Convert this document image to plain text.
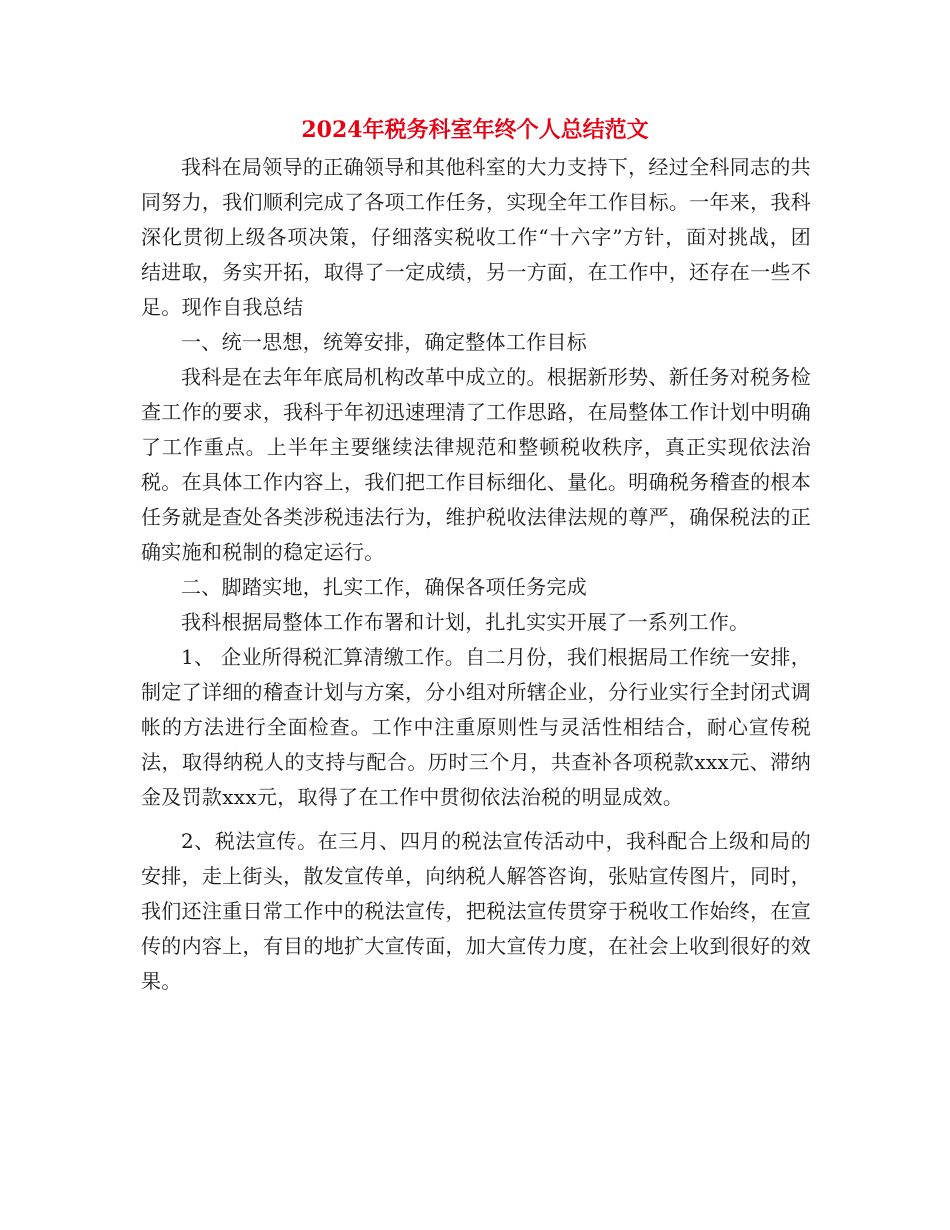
2024年税务科室年终个人总结范文

我科在局领导的正确领导和其他科室的大力支持下，经过全科同志的共同努力，我们顺利完成了各项工作任务，实现全年工作目标。一年来，我科深化贯彻上级各项决策，仔细落实税收工作“十六字”方针，面对挑战，团结进取，务实开拓，取得了一定成绩，另一方面，在工作中，还存在一些不足。现作自我总结

一、统一思想，统筹安排，确定整体工作目标

我科是在去年年底局机构改革中成立的。根据新形势、新任务对税务检查工作的要求，我科于年初迅速理清了工作思路，在局整体工作计划中明确了工作重点。上半年主要继续法律规范和整顿税收秩序，真正实现依法治税。在具体工作内容上，我们把工作目标细化、量化。明确税务稽查的根本任务就是查处各类涉税违法行为，维护税收法律法规的尊严，确保税法的正确实施和税制的稳定运行。

二、脚踏实地，扎实工作，确保各项任务完成

我科根据局整体工作布署和计划，扎扎实实开展了一系列工作。

1、 企业所得税汇算清缴工作。自二月份，我们根据局工作统一安排，制定了详细的稽查计划与方案，分小组对所辖企业，分行业实行全封闭式调帐的方法进行全面检查。工作中注重原则性与灵活性相结合，耐心宣传税法，取得纳税人的支持与配合。历时三个月，共查补各项税款xxx元、滞纳金及罚款xxx元，取得了在工作中贯彻依法治税的明显成效。

2、税法宣传。在三月、四月的税法宣传活动中，我科配合上级和局的安排，走上街头，散发宣传单，向纳税人解答咨询，张贴宣传图片，同时，我们还注重日常工作中的税法宣传，把税法宣传贯穿于税收工作始终，在宣传的内容上，有目的地扩大宣传面，加大宣传力度，在社会上收到很好的效果。
